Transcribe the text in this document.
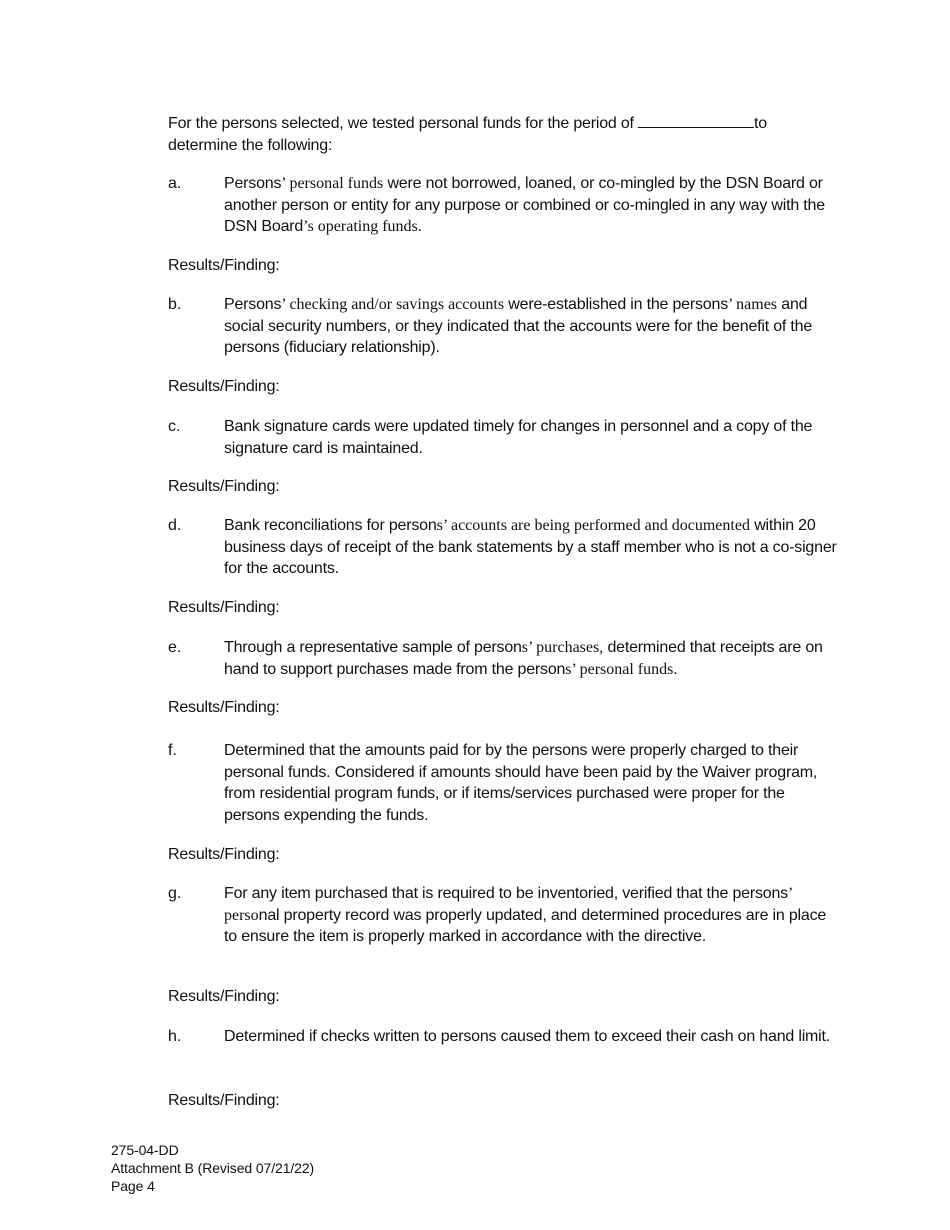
For the persons selected, we tested personal funds for the period of	to
determine the following:
a.	Persons’ personal funds were not borrowed, loaned, or co-mingled by the DSN Board or another person or entity for any purpose or combined or co-mingled in any way with the DSN Board’s operating funds.
Results/Finding:
b.	Persons’ checking and/or savings accounts were-established in the persons’ names and social security numbers, or they indicated that the accounts were for the benefit of the persons (fiduciary relationship).
Results/Finding:
c.	Bank signature cards were updated timely for changes in personnel and a copy of the signature card is maintained.
Results/Finding:
d.	Bank reconciliations for persons’ accounts are being performed and documented within 20 business days of receipt of the bank statements by a staff member who is not a co-signer for the accounts.
Results/Finding:
e.	Through a representative sample of persons’ purchases, determined that receipts are on hand to support purchases made from the persons’ personal funds.
Results/Finding:
f.	Determined that the amounts paid for by the persons were properly charged to their personal funds. Considered if amounts should have been paid by the Waiver program, from residential program funds, or if items/services purchased were proper for the persons expending the funds.
Results/Finding:
g.	For any item purchased that is required to be inventoried, verified that the persons’ personal property record was properly updated, and determined procedures are in place to ensure the item is properly marked in accordance with the directive.
Results/Finding:
h.	Determined if checks written to persons caused them to exceed their cash on hand limit.
Results/Finding:
275-04-DD
Attachment B (Revised 07/21/22)
Page 4
